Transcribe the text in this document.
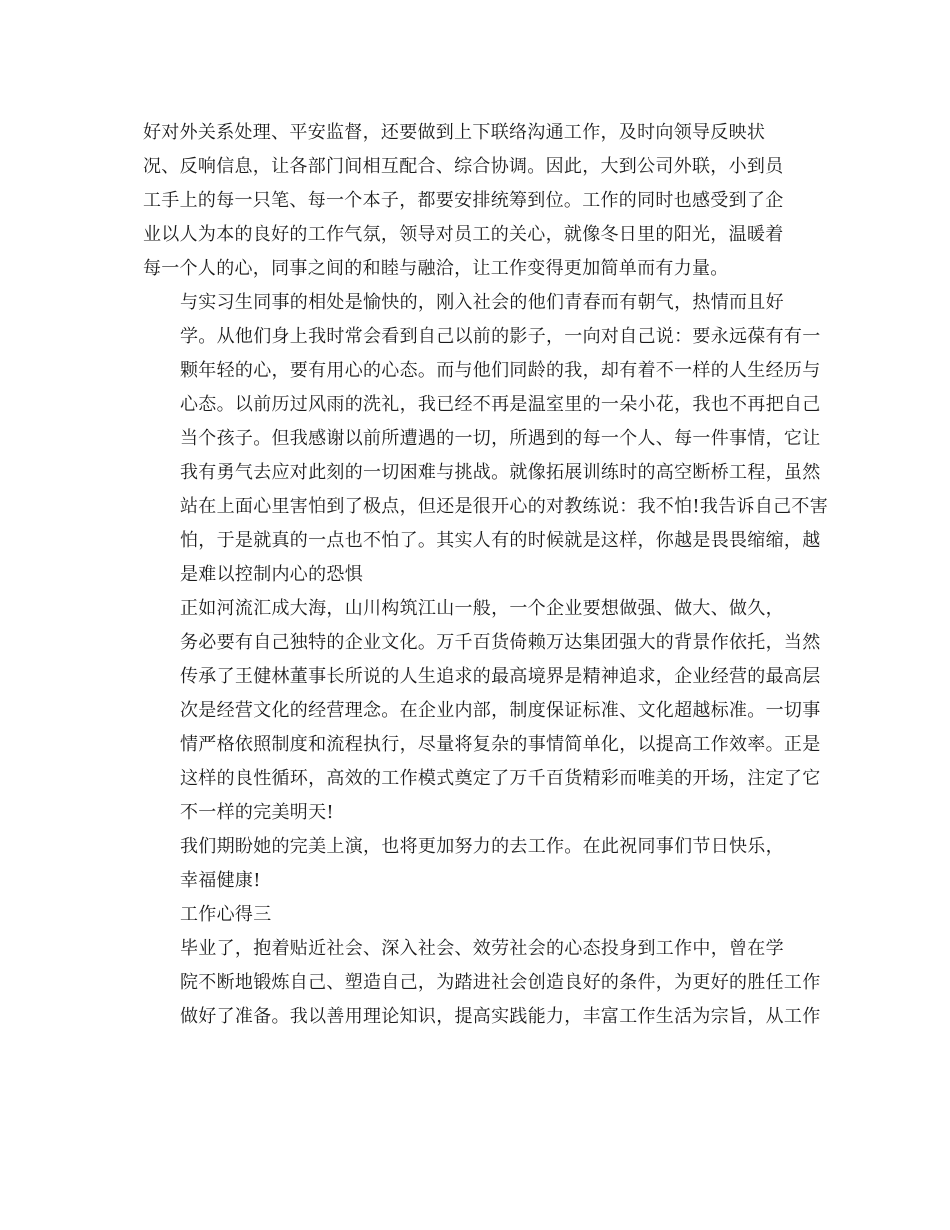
好对外关系处理、平安监督，还要做到上下联络沟通工作，及时向领导反映状
况、反响信息，让各部门间相互配合、综合协调。因此，大到公司外联，小到员
工手上的每一只笔、每一个本子，都要安排统筹到位。工作的同时也感受到了企
业以人为本的良好的工作气氛，领导对员工的关心，就像冬日里的阳光，温暖着
每一个人的心，同事之间的和睦与融洽，让工作变得更加简单而有力量。
与实习生同事的相处是愉快的，刚入社会的他们青春而有朝气，热情而且好
学。从他们身上我时常会看到自己以前的影子，一向对自己说：要永远葆有有一
颗年轻的心，要有用心的心态。而与他们同龄的我，却有着不一样的人生经历与
心态。以前历过风雨的洗礼，我已经不再是温室里的一朵小花，我也不再把自己
当个孩子。但我感谢以前所遭遇的一切，所遇到的每一个人、每一件事情，它让
我有勇气去应对此刻的一切困难与挑战。就像拓展训练时的高空断桥工程，虽然
站在上面心里害怕到了极点，但还是很开心的对教练说：我不怕!我告诉自己不害
怕，于是就真的一点也不怕了。其实人有的时候就是这样，你越是畏畏缩缩，越
是难以控制内心的恐惧
正如河流汇成大海，山川构筑江山一般，一个企业要想做强、做大、做久，
务必要有自己独特的企业文化。万千百货倚赖万达集团强大的背景作依托，当然
传承了王健林董事长所说的人生追求的最高境界是精神追求，企业经营的最高层
次是经营文化的经营理念。在企业内部，制度保证标准、文化超越标准。一切事
情严格依照制度和流程执行，尽量将复杂的事情简单化，以提高工作效率。正是
这样的良性循环，高效的工作模式奠定了万千百货精彩而唯美的开场，注定了它
不一样的完美明天!
我们期盼她的完美上演，也将更加努力的去工作。在此祝同事们节日快乐，
幸福健康!
工作心得三
毕业了，抱着贴近社会、深入社会、效劳社会的心态投身到工作中，曾在学
院不断地锻炼自己、塑造自己，为踏进社会创造良好的条件，为更好的胜任工作
做好了准备。我以善用理论知识，提高实践能力，丰富工作生活为宗旨，从工作
